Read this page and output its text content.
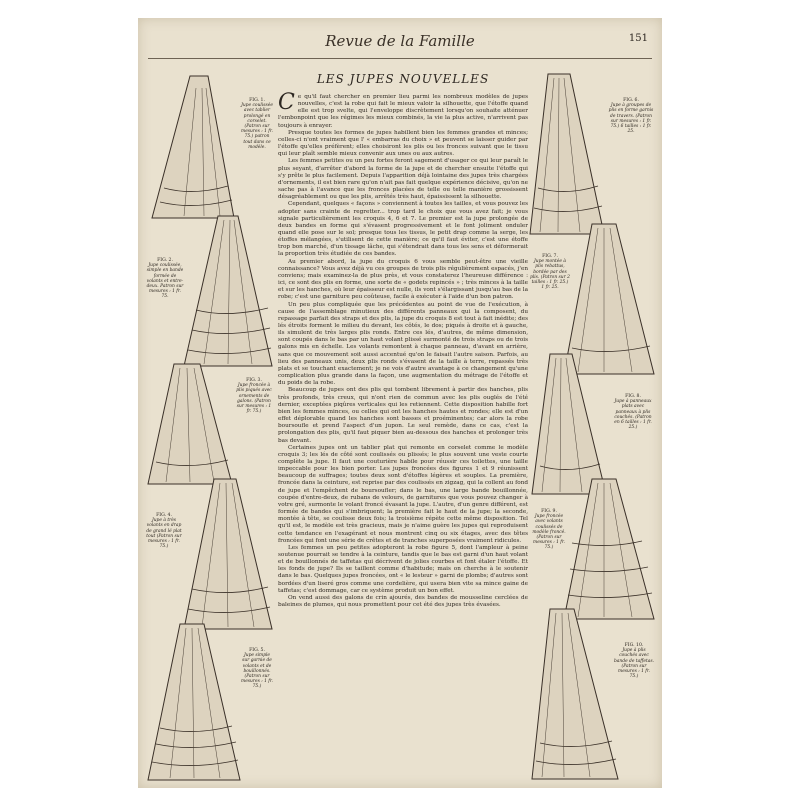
Revue de la Famille	151
LES JUPES NOUVELLES

Ce qu'il faut chercher en premier lieu parmi les nombreux modèles de jupes nouvelles, c'est la robe qui fait le mieux valoir la silhouette, que l'étoffe quand elle est trop svelte, qui l'enveloppe discrètement lorsqu'on souhaite atténuer l'embonpoint que les régimes les mieux combinés, la vie la plus active, n'arrivent pas toujours à enrayer.

Presque toutes les formes de jupes habillent bien les femmes grandes et minces; celles-ci n'ont vraiment que l' « embarras du choix » et peuvent se laisser guider par l'étoffe qu'elles préfèrent; elles choisiront les plis ou les fronces suivant que le tissu qui leur plaît semble mieux convenir aux unes ou aux autres.

Les femmes petites ou un peu fortes feront sagement d'usager ce qui leur paraît le plus seyant, d'arrêter d'abord la forme de la jupe et de chercher ensuite l'étoffe qui s'y prête le plus facilement. Depuis l'apparition déjà lointaine des jupes très chargées d'ornements, il est bien rare qu'on n'ait pas fait quelque expérience décisive, qu'on ne sache pas à l'avance que les fronces placées de telle ou telle manière grossissent désagréablement ou que les plis, arrêtés très haut, épaississent la silhouette.

Cependant, quelques « façons » conviennent à toutes les tailles, et vous pouvez les adopter sans crainte de regretter... trop tard le choix que vous avez fait; je vous signale particulièrement les croquis 4, 6 et 7. Le premier est la jupe prolongée de deux bandes en forme qui s'évasent progressivement et le font joliment onduler quand elle pose sur le sol; presque tous les tissus, le petit drap comme la serge, les étoffes mélangées, s'utilisent de cette manière; ce qu'il faut éviter, c'est une étoffe trop bon marché, d'un tissage lâche, qui s'étendrait dans tous les sens et déformerait la proportion très étudiée de ces bandes.

Au premier abord, la jupe du croquis 6 vous semble peut-être une vieille connaissance? Vous avez déjà vu ces groupes de trois plis régulièrement espacés, j'en conviens; mais examinez-la de plus près, et vous constaterez l'heureuse différence : ici, ce sont des plis en forme, une sorte de « godets repincés » ; très minces à la taille et sur les hanches, où leur épaisseur est nulle, ils vont s'élargissant jusqu'au bas de la robe; c'est une garniture peu coûteuse, facile à exécuter à l'aide d'un bon patron.

Un peu plus compliquée que les précédentes au point de vue de l'exécution, à cause de l'assemblage minutieux des différents panneaux qui la composent, du repassage parfait des straps et des plis, la jupe du croquis 8 est tout à fait inédite; des lés étroits forment le milieu du devant, les côtés, le dos; piqués à droite et à gauche, ils simulent de très larges plis ronds. Entre ces lés, d'autres, de même dimension, sont coupés dans le bas par un haut volant plissé surmonté de trois straps ou de trois galons mis en échelle. Les volants remontent à chaque panneau, d'avant en arrière, sans que ce mouvement soit aussi accentué qu'on le faisait l'autre saison. Parfois, au lieu des panneaux unis, deux plis ronds s'évasent de la taille à terre, repassés très plats et se touchant exactement; je ne vois d'autre avantage à ce changement qu'une complication plus grande dans la façon, une augmentation du métrage de l'étoffe et du poids de la robe.

Beaucoup de jupes ont des plis qui tombent librement à partir des hanches, plis très profonds, très creux, qui n'ont rien de commun avec les plis ouglés de l'été dernier, exceptées piqûres verticales qui les retiennent. Cette disposition habille fort bien les femmes minces, ou celles qui ont les hanches hautes et rondes; elle est d'un effet déplorable quand les hanches sont basses et proéminentes; car alors la robe boursoufle et prend l'aspect d'un jupon. Le seul remède, dans ce cas, c'est la prolongation des plis, qu'il faut piquer bien au-dessous des hanches et prolonger très bas devant.

Certaines jupes ont un tablier plat qui remonte en corselet comme le modèle croquis 3; les lés de côté sont coulissés ou plissés; le plus souvent une veste courte complète la jupe. Il faut une couturière habile pour réussir ces toilettes, une taille impeccable pour les bien porter. Les jupes froncées des figures 1 et 9 réunissent beaucoup de suffrages; toutes deux sont d'étoffes légères et souples. La première, froncée dans la ceinture, est reprise par des coulissés en zigzag, qui la collent au fond de jupe et l'empêchent de boursoufler; dans le bas, une large bande bouillonnée, coupée d'entre-deux, de rubans de velours, de garnitures que vous pouvez changer à votre gré, surmonte le volant froncé évasant la jupe. L'autre, d'un genre différent, est formée de bandes qui s'imbriquent; la première fait le haut de la jupe; la seconde, montée à tête, se coulisse deux fois; la troisième répète cette même disposition. Tel qu'il est, le modèle est très gracieux, mais je n'aime guère les jupes qui reproduisent cette tendance en l'exagérant et nous montrent cinq ou six étages, avec des têtes froncées qui font une série de crêtes et de tranches superposées vraiment ridicules.

Les femmes un peu petites adopteront la robe figure 5, dont l'ampleur à peine soutenue pourrait se tendre à la ceinture, tandis que le bas est garni d'un haut volant et de bouillonnés de taffetas qui décrivent de jolies courbes et font étaler l'étoffe. Et les fonds de jupe? Ils se taillent comme d'habitude; mais on cherche à le soutenir dans le bas. Quelques jupes froncées, ont « le lesteur » garni de plombs; d'autres sont bordées d'un liseré gros comme une cordelière, qui usera bien vite sa mince gaine de taffetas; c'est dommage, car ce système produit un bon effet.

On vend aussi des galons de crin ajourés, des bandes de mousseline cerclées de baleines de plumes, qui nous promettent pour cet été des jupes très évasées.

FIG. 1.
Jupe coulissée avec tablier prolongé en corselet. (Patron sur mesures : 1 fr. 75.) patron tout dans ce modèle.
FIG. 2.
Jupe coulissée, simple en bande formée de volants et entre-deux. Patron sur mesures : 1 fr. 75.
FIG. 3.
Jupe froncée à plis piqués avec ornements de galons. (Patron sur mesures : 1 fr. 75.)
FIG. 4.
Jupe à très volants en drap de grand lé plat tout (Patron sur mesures : 1 fr. 75.)
FIG. 5.
Jupe simple sur garnie de volants et de bouillonnés. (Patron sur mesures : 1 fr. 75.)
FIG. 6.
Jupe à groupes de plis en forme garnis de travers. (Patron sur mesures : 1 fr. 75.) 6 tailles : 1 fr. 25.
FIG. 7.
Jupe montée à plis rebattus, bordée par des plis. (Patron sur 2 tailles : 1 fr. 25.) 1 fr. 25.
FIG. 8.
Jupe à panneaux plats avec panneaux à plis couchés. (Patron en 6 tailles : 1 fr. 25.)
FIG. 9.
Jupe froncée avec volants coulissés de modèle froncé. (Patron sur mesures : 1 fr. 75.)
FIG. 10.
Jupe à plis couchés avec bande de taffetas. (Patron sur mesures : 1 fr. 75.)
